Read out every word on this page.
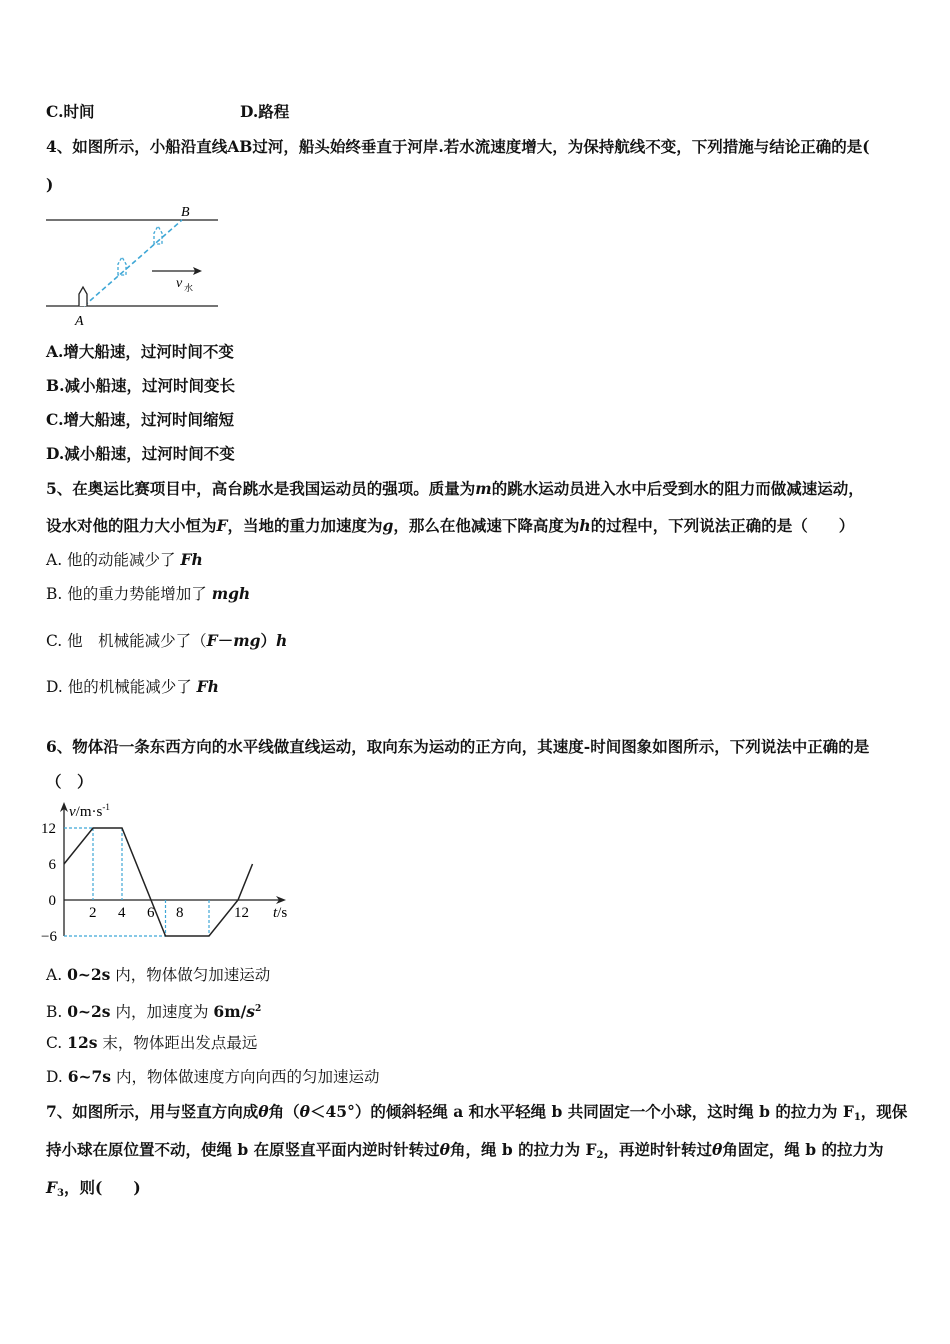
C.时间	D.路程
4、如图所示，小船沿直线AB过河，船头始终垂直于河岸.若水流速度增大，为保持航线不变，下列措施与结论正确的是(
)
B
A
v 水
A.增大船速，过河时间不变
B.减小船速，过河时间变长
C.增大船速，过河时间缩短
D.减小船速，过河时间不变
5、在奥运比赛项目中，高台跳水是我国运动员的强项。质量为m的跳水运动员进入水中后受到水的阻力而做减速运动，
设水对他的阻力大小恒为F，当地的重力加速度为g，那么在他减速下降高度为h的过程中，下列说法正确的是（　　）
A. 他的动能减少了 Fh
B. 他的重力势能增加了 mgh
C. 他　机械能减少了（F－mg）h
D. 他的机械能减少了 Fh
6、物体沿一条东西方向的水平线做直线运动，取向东为运动的正方向，其速度-时间图象如图所示，下列说法中正确的是
（　）
2 4 6 8	12
12
6
0
−6
$v/m\cdot s^{-1}$
t/s
A. 0~2s 内，物体做匀加速运动
B. 0~2s 内，加速度为 $6m/s^2$
C. 12s 末，物体距出发点最远
D. 6~7s 内，物体做速度方向向西的匀加速运动
7、如图所示，用与竖直方向成θ角（θ＜45°）的倾斜轻绳 a 和水平轻绳 b 共同固定一个小球，这时绳 b 的拉力为 $F_1$，现保
持小球在原位置不动，使绳 b 在原竖直平面内逆时针转过θ角，绳 b 的拉力为 $F_2$，再逆时针转过θ角固定，绳 b 的拉力为
$F_3$，则(　　)
